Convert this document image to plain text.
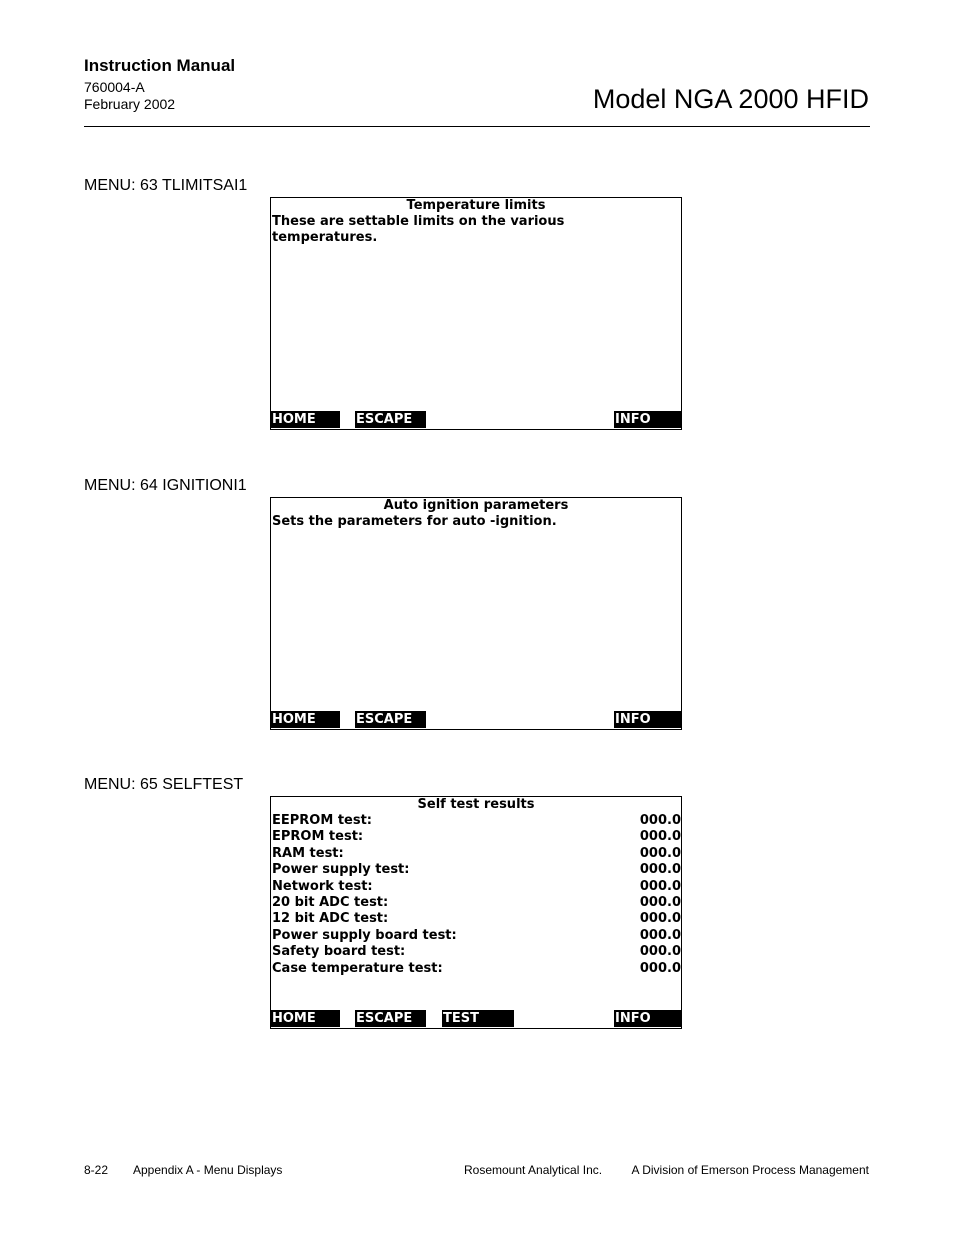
Instruction Manual
760004-A
February 2002	Model NGA 2000 HFID
MENU: 63 TLIMITSAI1
Temperature limits
These are settable limits on the various temperatures.
HOME	ESCAPE	INFO
MENU: 64 IGNITIONI1
Auto ignition parameters
Sets the parameters for auto -ignition.
HOME	ESCAPE	INFO
MENU: 65 SELFTEST
Self test results
EEPROM test:	000.0
EPROM test:	000.0
RAM test:	000.0
Power supply test:	000.0
Network test:	000.0
20 bit ADC test:	000.0
12 bit ADC test:	000.0
Power supply board test:	000.0
Safety board test:	000.0
Case temperature test:	000.0
HOME	ESCAPE	TEST	INFO
8-22 Appendix A - Menu Displays	Rosemount Analytical Inc. A Division of Emerson Process Management
